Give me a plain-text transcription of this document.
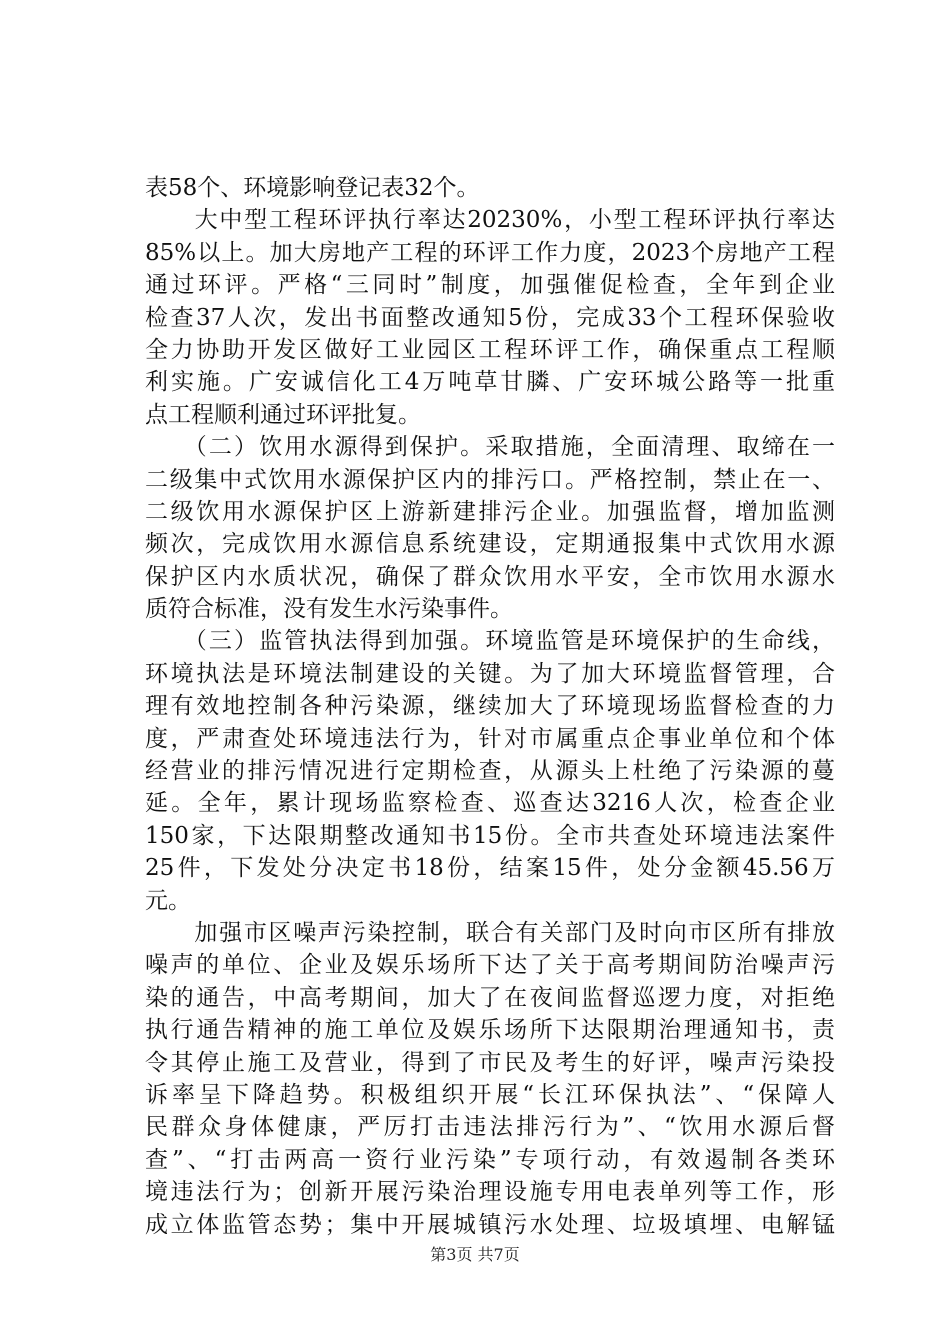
表58个、环境影响登记表32个。
　　大中型工程环评执行率达20230%，小型工程环评执行率达
85%以上。加大房地产工程的环评工作力度，2023个房地产工程
通过环评。严格“三同时”制度，加强催促检查，全年到企业
检查37人次，发出书面整改通知5份，完成33个工程环保验收
全力协助开发区做好工业园区工程环评工作，确保重点工程顺
利实施。广安诚信化工4万吨草甘膦、广安环城公路等一批重
点工程顺利通过环评批复。
　　（二）饮用水源得到保护。采取措施，全面清理、取缔在一
二级集中式饮用水源保护区内的排污口。严格控制，禁止在一、
二级饮用水源保护区上游新建排污企业。加强监督，增加监测
频次，完成饮用水源信息系统建设，定期通报集中式饮用水源
保护区内水质状况，确保了群众饮用水平安，全市饮用水源水
质符合标准，没有发生水污染事件。
　　（三）监管执法得到加强。环境监管是环境保护的生命线，
环境执法是环境法制建设的关键。为了加大环境监督管理，合
理有效地控制各种污染源，继续加大了环境现场监督检查的力
度，严肃查处环境违法行为，针对市属重点企事业单位和个体
经营业的排污情况进行定期检查，从源头上杜绝了污染源的蔓
延。全年，累计现场监察检查、巡查达3216人次，检查企业
150家，下达限期整改通知书15份。全市共查处环境违法案件
25件，下发处分决定书18份，结案15件，处分金额45.56万
元。
　　加强市区噪声污染控制，联合有关部门及时向市区所有排放
噪声的单位、企业及娱乐场所下达了关于高考期间防治噪声污
染的通告，中高考期间，加大了在夜间监督巡逻力度，对拒绝
执行通告精神的施工单位及娱乐场所下达限期治理通知书，责
令其停止施工及营业，得到了市民及考生的好评，噪声污染投
诉率呈下降趋势。积极组织开展“长江环保执法”、“保障人
民群众身体健康，严厉打击违法排污行为”、“饮用水源后督
查”、“打击两高一资行业污染”专项行动，有效遏制各类环
境违法行为；创新开展污染治理设施专用电表单列等工作，形
成立体监管态势；集中开展城镇污水处理、垃圾填埋、电解锰
第3页 共7页
